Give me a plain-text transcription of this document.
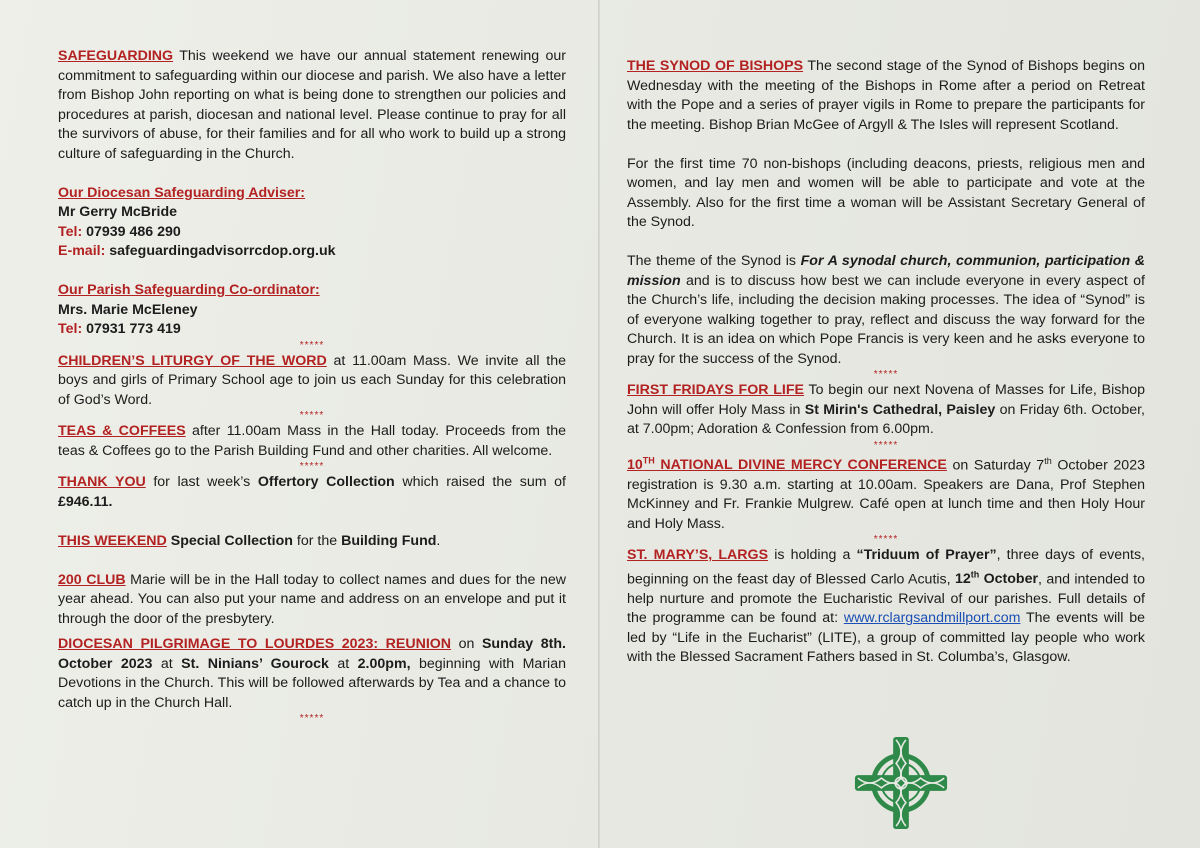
SAFEGUARDING This weekend we have our annual statement renewing our commitment to safeguarding within our diocese and parish. We also have a letter from Bishop John reporting on what is being done to strengthen our policies and procedures at parish, diocesan and national level. Please continue to pray for all the survivors of abuse, for their families and for all who work to build up a strong culture of safeguarding in the Church.

Our Diocesan Safeguarding Adviser:

Mr Gerry McBride

Tel: 07939 486 290

E-mail: safeguardingadvisorrcdop.org.uk

Our Parish Safeguarding Co-ordinator:

Mrs. Marie McEleney

Tel: 07931 773 419

*****

CHILDREN’S LITURGY OF THE WORD at 11.00am Mass. We invite all the boys and girls of Primary School age to join us each Sunday for this celebration of God’s Word.

*****

TEAS & COFFEES after 11.00am Mass in the Hall today. Proceeds from the teas & Coffees go to the Parish Building Fund and other charities. All welcome.

*****

THANK YOU for last week’s Offertory Collection which raised the sum of £946.11.

THIS WEEKEND Special Collection for the Building Fund.

200 CLUB Marie will be in the Hall today to collect names and dues for the new year ahead. You can also put your name and address on an envelope and put it through the door of the presbytery.

DIOCESAN PILGRIMAGE TO LOURDES 2023: REUNION on Sunday 8th. October 2023 at St. Ninians’ Gourock at 2.00pm, beginning with Marian Devotions in the Church. This will be followed afterwards by Tea and a chance to catch up in the Church Hall.

*****

THE SYNOD OF BISHOPS The second stage of the Synod of Bishops begins on Wednesday with the meeting of the Bishops in Rome after a period on Retreat with the Pope and a series of prayer vigils in Rome to prepare the participants for the meeting. Bishop Brian McGee of Argyll & The Isles will represent Scotland.

For the first time 70 non-bishops (including deacons, priests, religious men and women, and lay men and women will be able to participate and vote at the Assembly. Also for the first time a woman will be Assistant Secretary General of the Synod.

The theme of the Synod is For A synodal church, communion, participation & mission and is to discuss how best we can include everyone in every aspect of the Church’s life, including the decision making processes. The idea of “Synod” is of everyone walking together to pray, reflect and discuss the way forward for the Church. It is an idea on which Pope Francis is very keen and he asks everyone to pray for the success of the Synod.

*****

FIRST FRIDAYS FOR LIFE To begin our next Novena of Masses for Life, Bishop John will offer Holy Mass in St Mirin's Cathedral, Paisley on Friday 6th. October, at 7.00pm; Adoration & Confession from 6.00pm.

*****

10TH NATIONAL DIVINE MERCY CONFERENCE on Saturday 7th October 2023 registration is 9.30 a.m. starting at 10.00am. Speakers are Dana, Prof Stephen McKinney and Fr. Frankie Mulgrew. Café open at lunch time and then Holy Hour and Holy Mass.

*****

ST. MARY’S, LARGS is holding a “Triduum of Prayer”, three days of events, beginning on the feast day of Blessed Carlo Acutis, 12th October, and intended to help nurture and promote the Eucharistic Revival of our parishes. Full details of the programme can be found at: www.rclargsandmillport.com The events will be led by “Life in the Eucharist” (LITE), a group of committed lay people who work with the Blessed Sacrament Fathers based in St. Columba’s, Glasgow.
